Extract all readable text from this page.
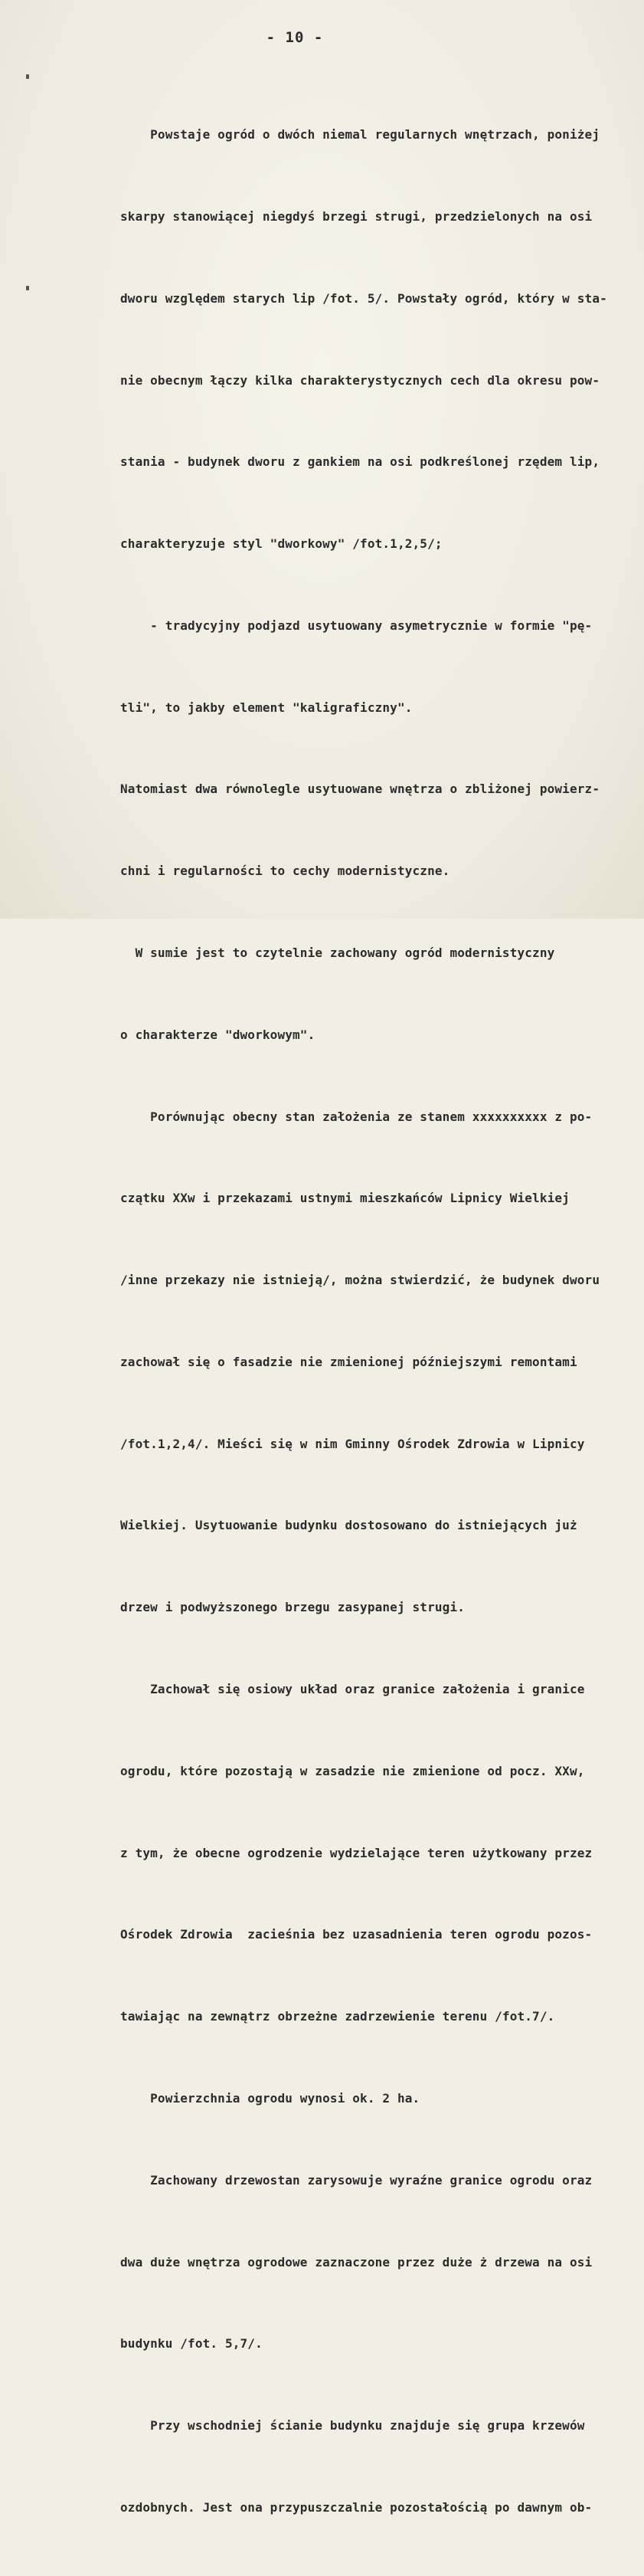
- 10 -

Powstaje ogród o dwóch niemal regularnych wnętrzach, poniżej

skarpy stanowiącej niegdyś brzegi strugi, przedzielonych na osi

dworu względem starych lip /fot. 5/. Powstały ogród, który w sta-

nie obecnym łączy kilka charakterystycznych cech dla okresu pow-

stania - budynek dworu z gankiem na osi podkreślonej rzędem lip,

charakteryzuje styl "dworkowy" /fot.1,2,5/;

- tradycyjny podjazd usytuowany asymetrycznie w formie "pę-

tli", to jakby element "kaligraficzny".

Natomiast dwa równolegle usytuowane wnętrza o zbliżonej powierz-

chni i regularności to cechy modernistyczne.

W sumie jest to czytelnie zachowany ogród modernistyczny

o charakterze "dworkowym".

Porównując obecny stan założenia ze stanem xxxxxxxxxx z po-

czątku XXw i przekazami ustnymi mieszkańców Lipnicy Wielkiej

/inne przekazy nie istnieją/, można stwierdzić, że budynek dworu

zachował się o fasadzie nie zmienionej późniejszymi remontami

/fot.1,2,4/. Mieści się w nim Gminny Ośrodek Zdrowia w Lipnicy

Wielkiej. Usytuowanie budynku dostosowano do istniejących już

drzew i podwyższonego brzegu zasypanej strugi.

Zachował się osiowy układ oraz granice założenia i granice

ogrodu, które pozostają w zasadzie nie zmienione od pocz. XXw,

z tym, że obecne ogrodzenie wydzielające teren użytkowany przez

Ośrodek Zdrowia  zacieśnia bez uzasadnienia teren ogrodu pozos-

tawiając na zewnątrz obrzeżne zadrzewienie terenu /fot.7/.

Powierzchnia ogrodu wynosi ok. 2 ha.

Zachowany drzewostan zarysowuje wyraźne granice ogrodu oraz

dwa duże wnętrza ogrodowe zaznaczone przez duże ż drzewa na osi

budynku /fot. 5,7/.

Przy wschodniej ścianie budynku znajduje się grupa krzewów

ozdobnych. Jest ona przypuszczalnie pozostałością po dawnym ob-
